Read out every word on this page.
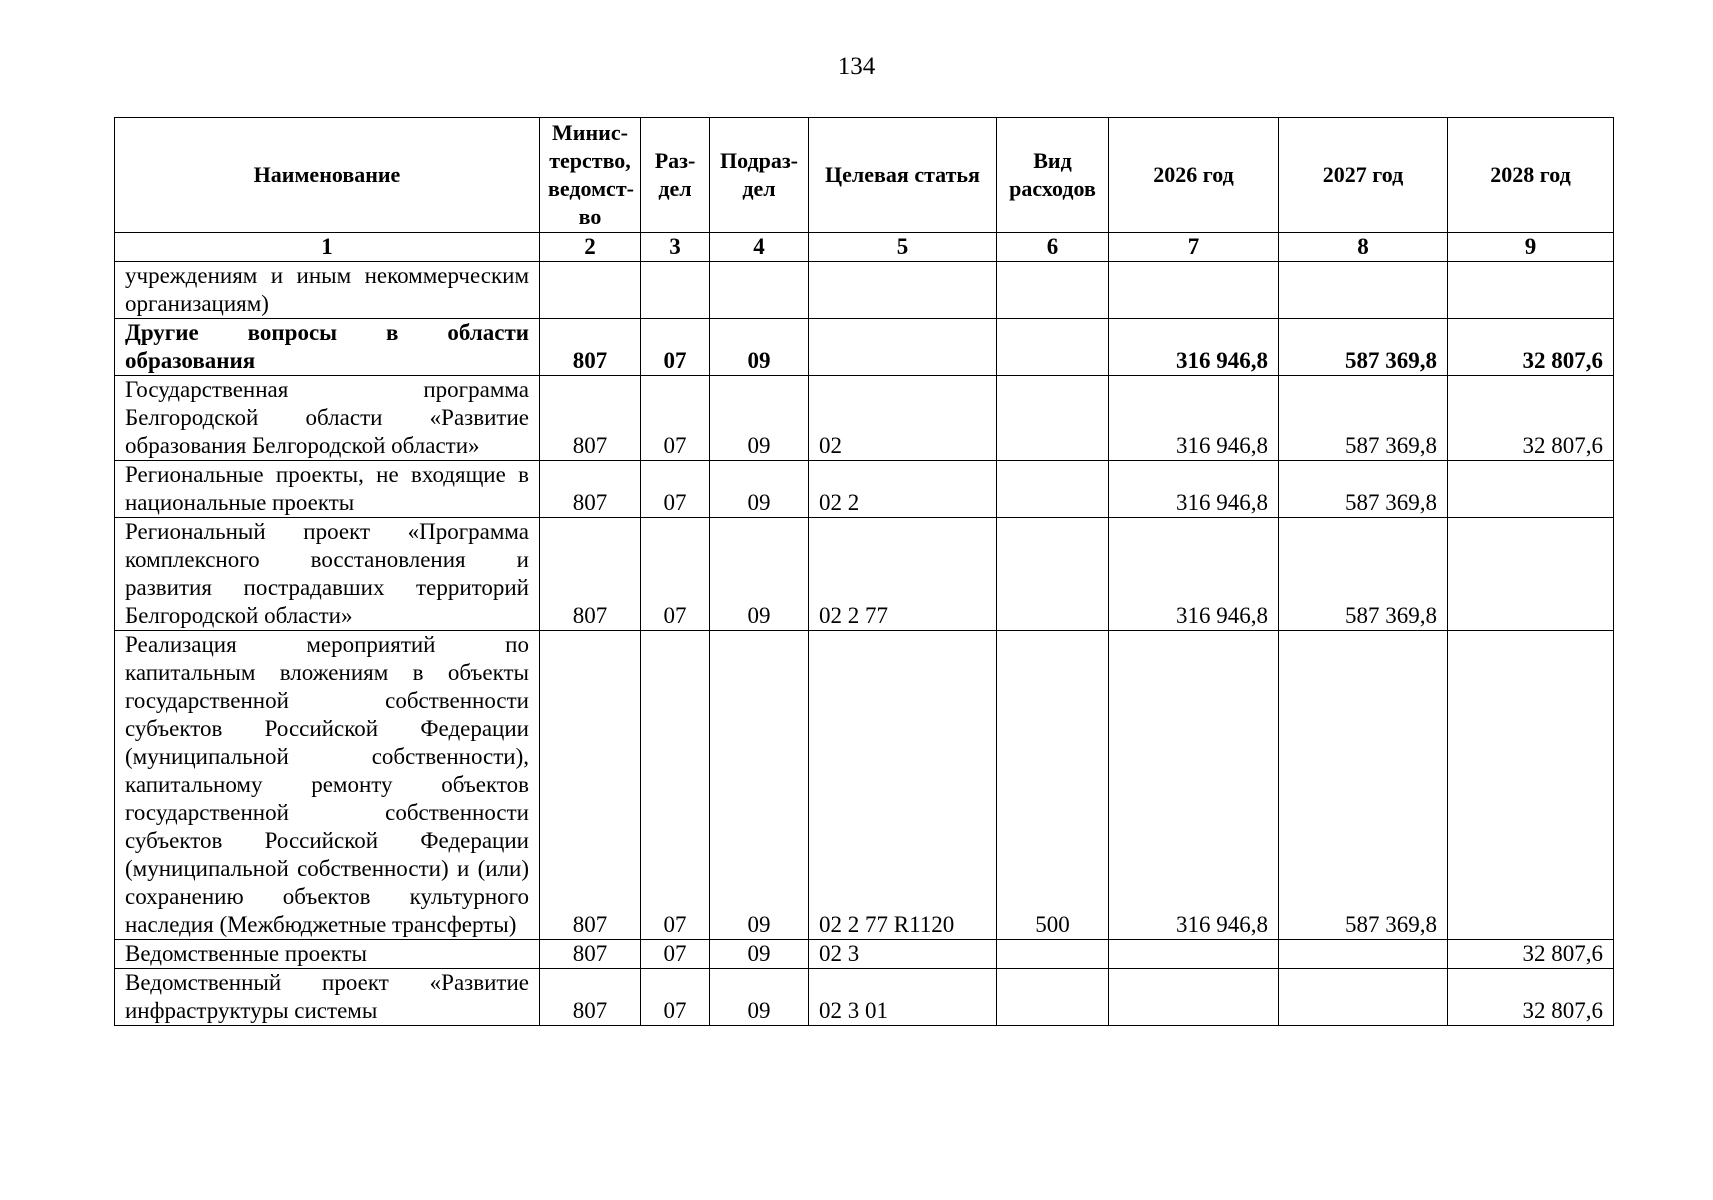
134
Наименование	Минис-терство, ведомст-во	Раз-дел	Подраз-дел	Целевая статья	Вид расходов	2026 год	2027 год	2028 год
1	2	3	4	5	6	7	8	9
учреждениям и иным некоммерческим организациям)								
Другие вопросы в области образования	807	07	09			316 946,8	587 369,8	32 807,6
Государственная программа Белгородской области «Развитие образования Белгородской области»	807	07	09	02		316 946,8	587 369,8	32 807,6
Региональные проекты, не входящие в национальные проекты	807	07	09	02 2		316 946,8	587 369,8	
Региональный проект «Программа комплексного восстановления и развития пострадавших территорий Белгородской области»	807	07	09	02 2 77		316 946,8	587 369,8	
Реализация мероприятий по капитальным вложениям в объекты государственной собственности субъектов Российской Федерации (муниципальной собственности), капитальному ремонту объектов государственной собственности субъектов Российской Федерации (муниципальной собственности) и (или) сохранению объектов культурного наследия (Межбюджетные трансферты)	807	07	09	02 2 77 R1120	500	316 946,8	587 369,8	
Ведомственные проекты	807	07	09	02 3				32 807,6
Ведомственный проект «Развитие инфраструктуры системы	807	07	09	02 3 01				32 807,6
